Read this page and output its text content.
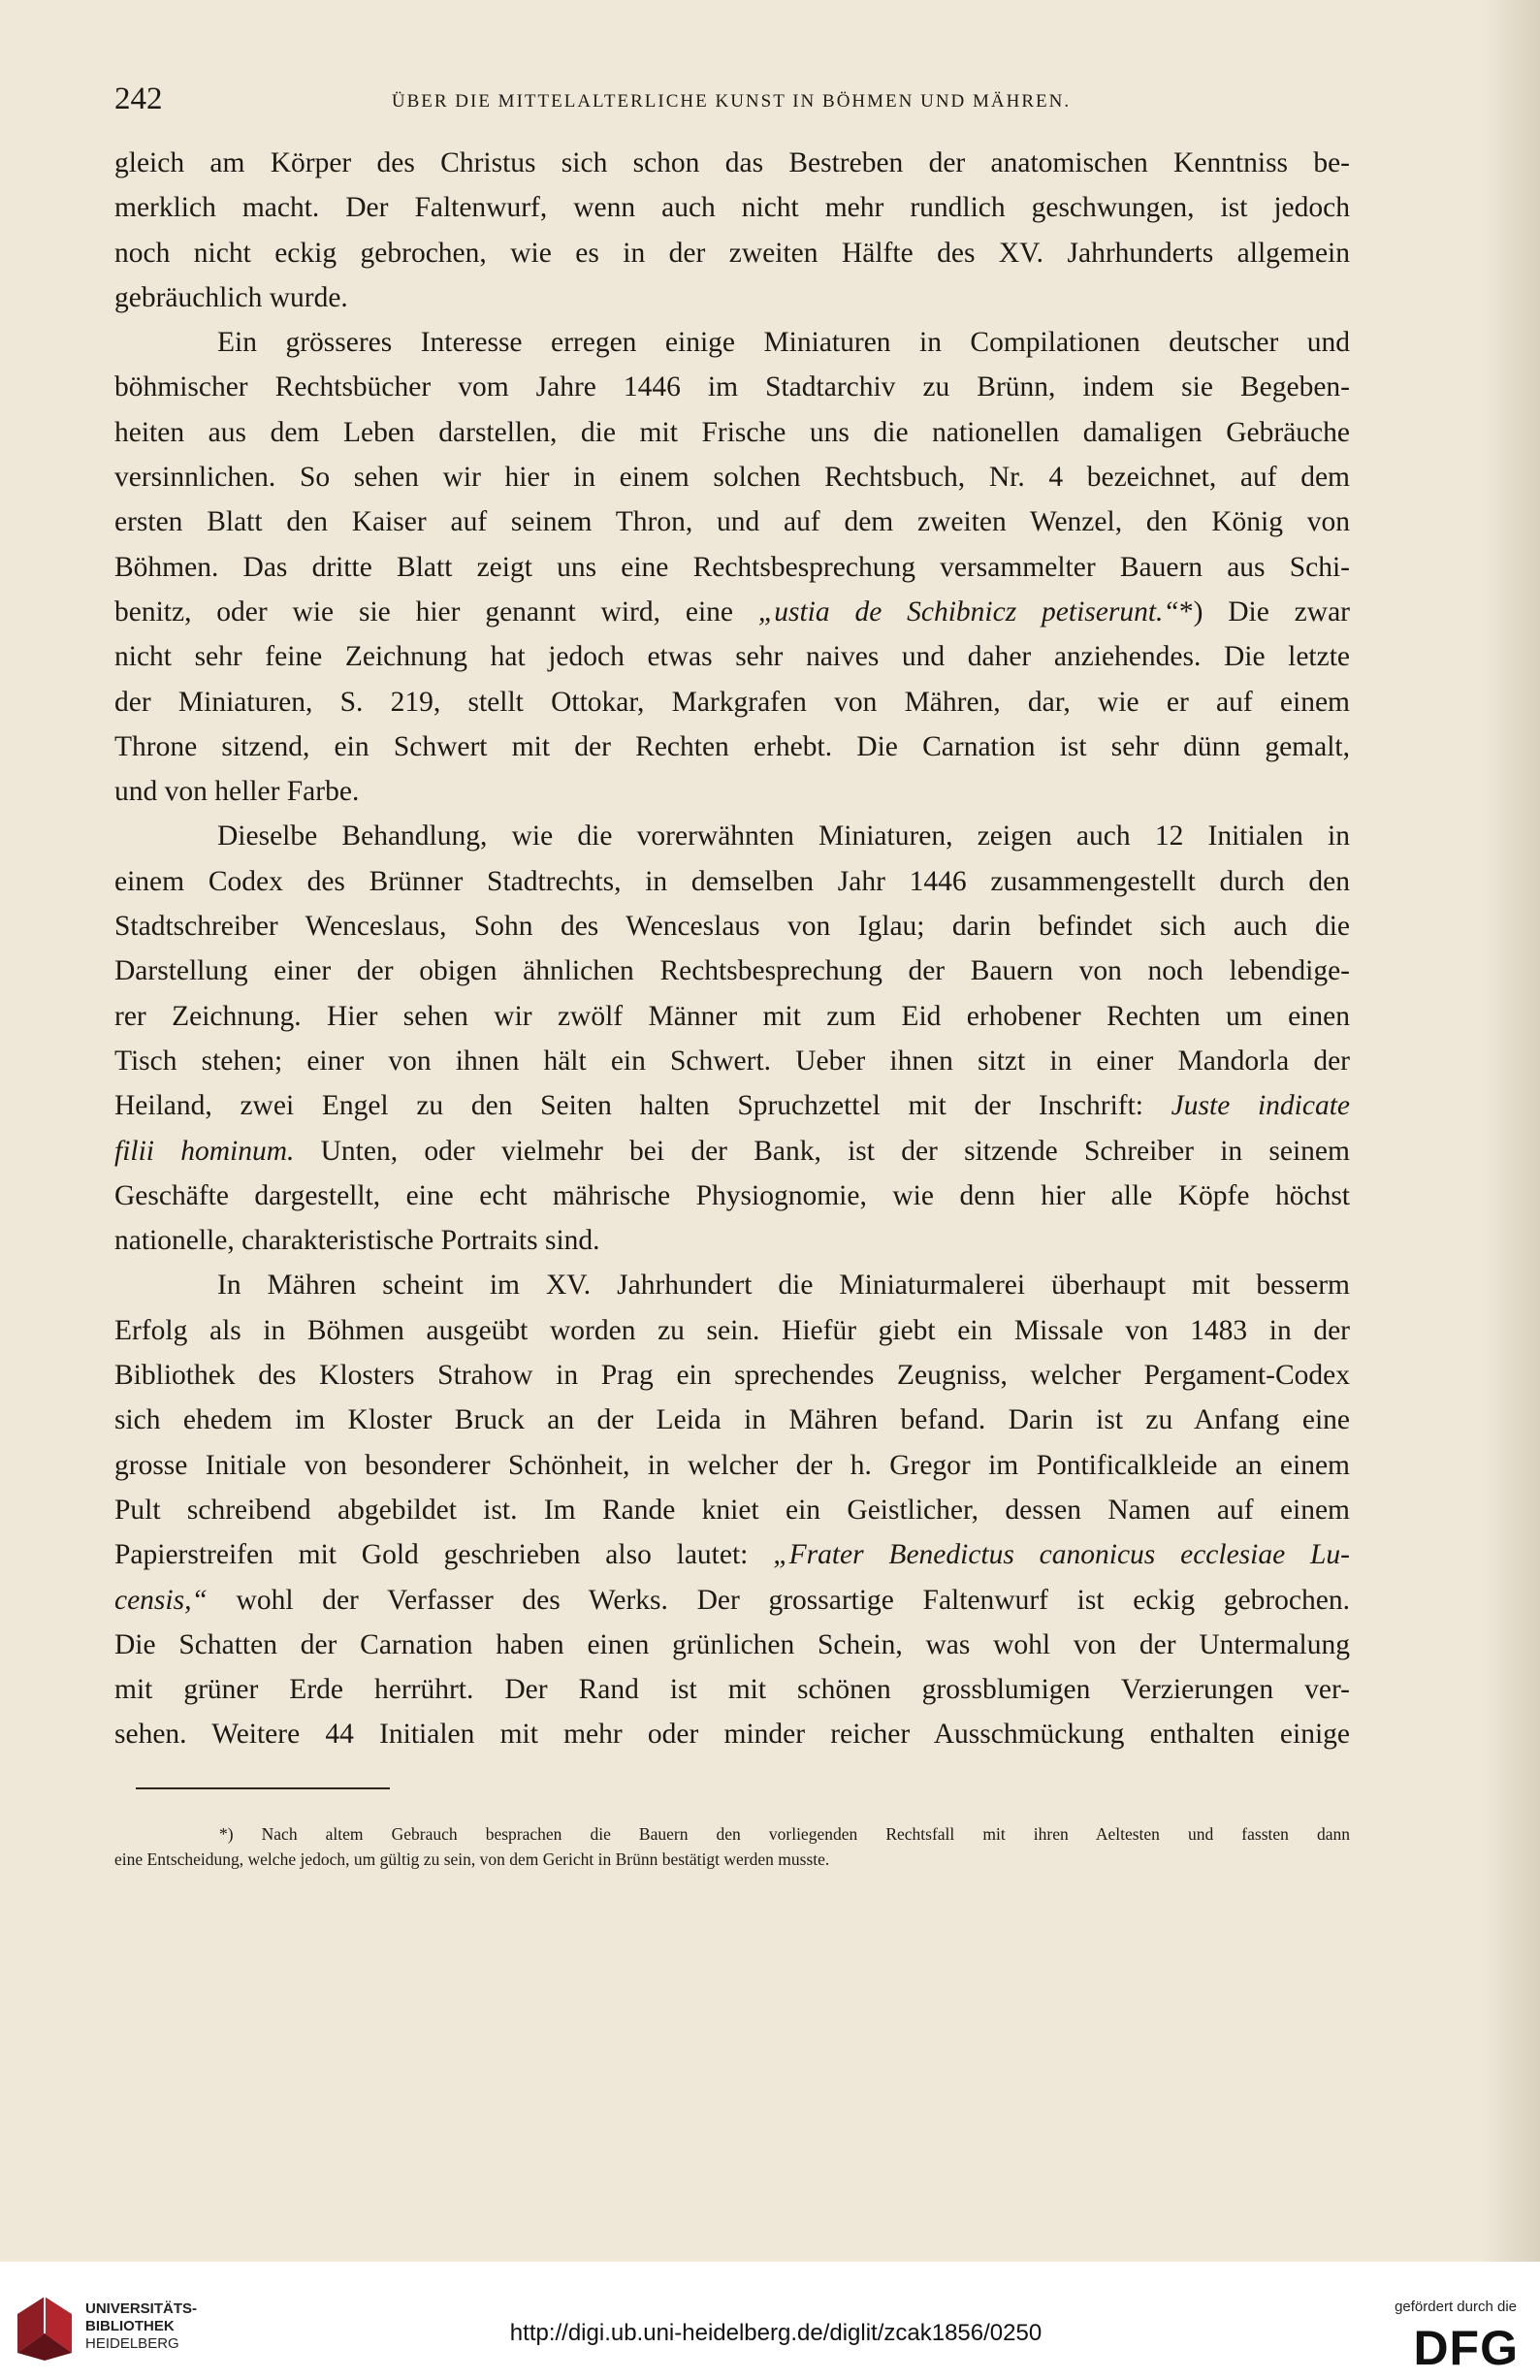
242	ÜBER DIE MITTELALTERLICHE KUNST IN BÖHMEN UND MÄHREN.
gleich am Körper des Christus sich schon das Bestreben der anatomischen Kenntniss be-
merklich macht. Der Faltenwurf, wenn auch nicht mehr rundlich geschwungen, ist jedoch
noch nicht eckig gebrochen, wie es in der zweiten Hälfte des XV. Jahrhunderts allgemein
gebräuchlich wurde.
Ein grösseres Interesse erregen einige Miniaturen in Compilationen deutscher und
böhmischer Rechtsbücher vom Jahre 1446 im Stadtarchiv zu Brünn, indem sie Begeben-
heiten aus dem Leben darstellen, die mit Frische uns die nationellen damaligen Gebräuche
versinnlichen. So sehen wir hier in einem solchen Rechtsbuch, Nr. 4 bezeichnet, auf dem
ersten Blatt den Kaiser auf seinem Thron, und auf dem zweiten Wenzel, den König von
Böhmen. Das dritte Blatt zeigt uns eine Rechtsbesprechung versammelter Bauern aus Schi-
benitz, oder wie sie hier genannt wird, eine „ustia de Schibnicz petiserunt.“*) Die zwar
nicht sehr feine Zeichnung hat jedoch etwas sehr naives und daher anziehendes. Die letzte
der Miniaturen, S. 219, stellt Ottokar, Markgrafen von Mähren, dar, wie er auf einem
Throne sitzend, ein Schwert mit der Rechten erhebt. Die Carnation ist sehr dünn gemalt,
und von heller Farbe.
Dieselbe Behandlung, wie die vorerwähnten Miniaturen, zeigen auch 12 Initialen in
einem Codex des Brünner Stadtrechts, in demselben Jahr 1446 zusammengestellt durch den
Stadtschreiber Wenceslaus, Sohn des Wenceslaus von Iglau; darin befindet sich auch die
Darstellung einer der obigen ähnlichen Rechtsbesprechung der Bauern von noch lebendige-
rer Zeichnung. Hier sehen wir zwölf Männer mit zum Eid erhobener Rechten um einen
Tisch stehen; einer von ihnen hält ein Schwert. Ueber ihnen sitzt in einer Mandorla der
Heiland, zwei Engel zu den Seiten halten Spruchzettel mit der Inschrift: Juste indicate
filii hominum. Unten, oder vielmehr bei der Bank, ist der sitzende Schreiber in seinem
Geschäfte dargestellt, eine echt mährische Physiognomie, wie denn hier alle Köpfe höchst
nationelle, charakteristische Portraits sind.
In Mähren scheint im XV. Jahrhundert die Miniaturmalerei überhaupt mit besserm
Erfolg als in Böhmen ausgeübt worden zu sein. Hiefür giebt ein Missale von 1483 in der
Bibliothek des Klosters Strahow in Prag ein sprechendes Zeugniss, welcher Pergament-Codex
sich ehedem im Kloster Bruck an der Leida in Mähren befand. Darin ist zu Anfang eine
grosse Initiale von besonderer Schönheit, in welcher der h. Gregor im Pontificalkleide an einem
Pult schreibend abgebildet ist. Im Rande kniet ein Geistlicher, dessen Namen auf einem
Papierstreifen mit Gold geschrieben also lautet: „Frater Benedictus canonicus ecclesiae Lu-
censis,“ wohl der Verfasser des Werks. Der grossartige Faltenwurf ist eckig gebrochen.
Die Schatten der Carnation haben einen grünlichen Schein, was wohl von der Untermalung
mit grüner Erde herrührt. Der Rand ist mit schönen grossblumigen Verzierungen ver-
sehen. Weitere 44 Initialen mit mehr oder minder reicher Ausschmückung enthalten einige
*) Nach altem Gebrauch besprachen die Bauern den vorliegenden Rechtsfall mit ihren Aeltesten und fassten dann
eine Entscheidung, welche jedoch, um gültig zu sein, von dem Gericht in Brünn bestätigt werden musste.
UNIVERSITÄTS-
BIBLIOTHEK
HEIDELBERG	http://digi.ub.uni-heidelberg.de/diglit/zcak1856/0250
gefördert durch die
DFG
